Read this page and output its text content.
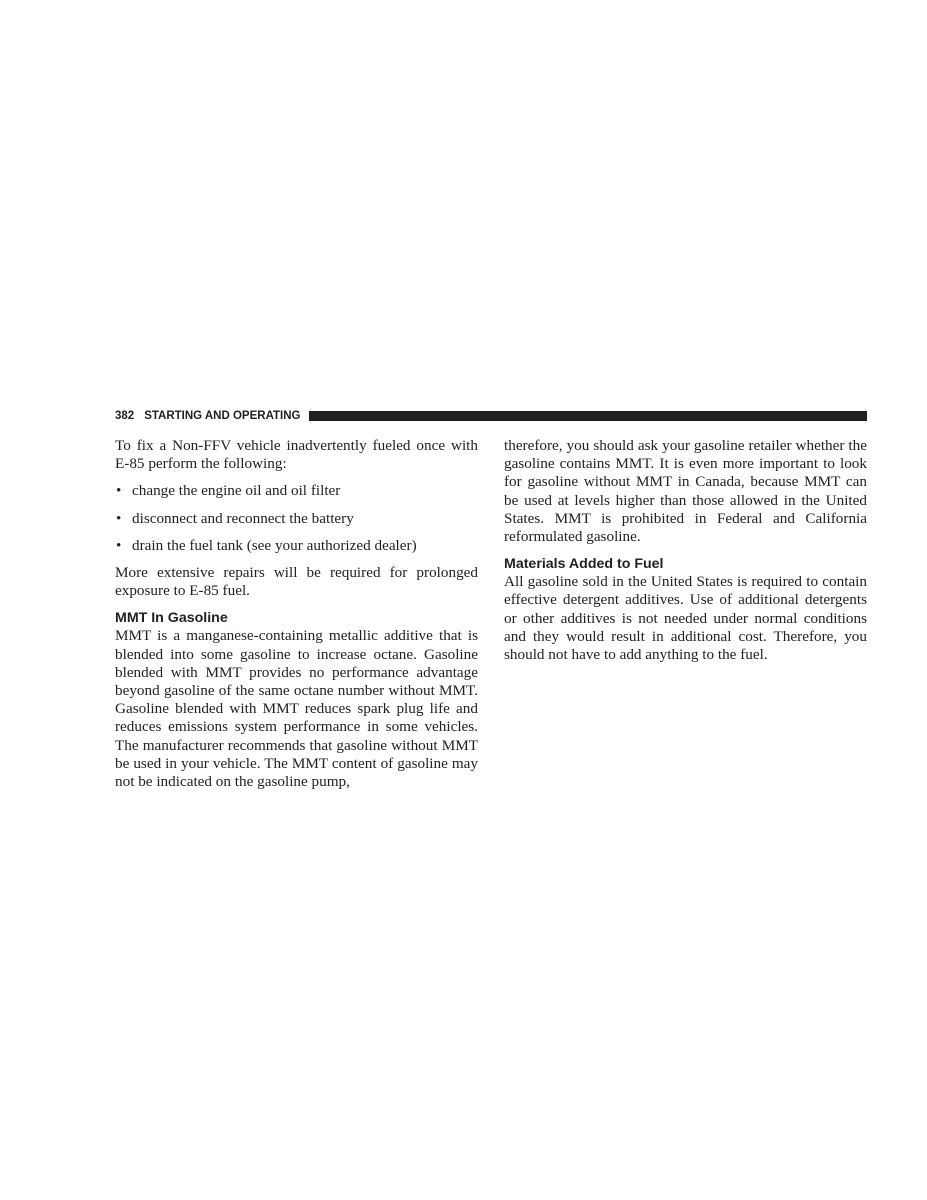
382 STARTING AND OPERATING

To fix a Non-FFV vehicle inadvertently fueled once with E-85 perform the following:

• change the engine oil and oil filter
• disconnect and reconnect the battery
• drain the fuel tank (see your authorized dealer)

More extensive repairs will be required for prolonged exposure to E-85 fuel.

MMT In Gasoline

MMT is a manganese-containing metallic additive that is blended into some gasoline to increase octane. Gasoline blended with MMT provides no performance advantage beyond gasoline of the same octane number without MMT. Gasoline blended with MMT reduces spark plug life and reduces emissions system performance in some vehicles. The manufacturer recommends that gasoline without MMT be used in your vehicle. The MMT content of gasoline may not be indicated on the gasoline pump,

therefore, you should ask your gasoline retailer whether the gasoline contains MMT. It is even more important to look for gasoline without MMT in Canada, because MMT can be used at levels higher than those allowed in the United States. MMT is prohibited in Federal and California reformulated gasoline.

Materials Added to Fuel

All gasoline sold in the United States is required to contain effective detergent additives. Use of additional detergents or other additives is not needed under normal conditions and they would result in additional cost. Therefore, you should not have to add anything to the fuel.
